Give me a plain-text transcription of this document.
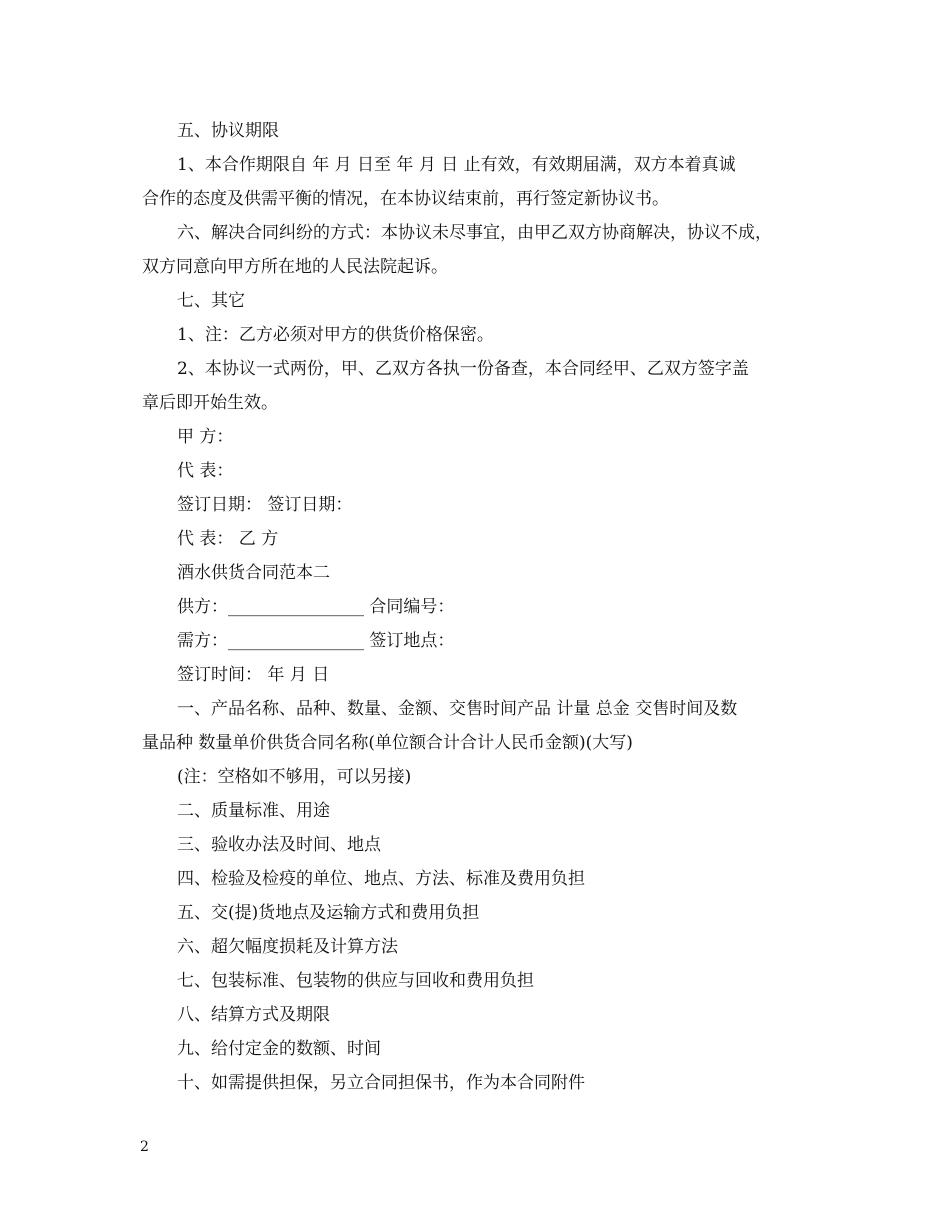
五、协议期限
1、本合作期限自 年 月 日至 年 月 日 止有效，有效期届满，双方本着真诚
合作的态度及供需平衡的情况，在本协议结束前，再行签定新协议书。
六、解决合同纠纷的方式：本协议未尽事宜，由甲乙双方协商解决，协议不成，
双方同意向甲方所在地的人民法院起诉。
七、其它
1、注：乙方必须对甲方的供货价格保密。
2、本协议一式两份，甲、乙双方各执一份备查，本合同经甲、乙双方签字盖
章后即开始生效。
甲 方：
代 表：
签订日期： 签订日期：
代 表： 乙 方
酒水供货合同范本二
供方：________________ 合同编号：
需方：________________ 签订地点：
签订时间： 年 月 日
一、产品名称、品种、数量、金额、交售时间产品 计量 总金 交售时间及数
量品种 数量单价供货合同名称(单位额合计合计人民币金额)(大写)
(注：空格如不够用，可以另接)
二、质量标准、用途
三、验收办法及时间、地点
四、检验及检疫的单位、地点、方法、标准及费用负担
五、交(提)货地点及运输方式和费用负担
六、超欠幅度损耗及计算方法
七、包装标准、包装物的供应与回收和费用负担
八、结算方式及期限
九、给付定金的数额、时间
十、如需提供担保，另立合同担保书，作为本合同附件
2
